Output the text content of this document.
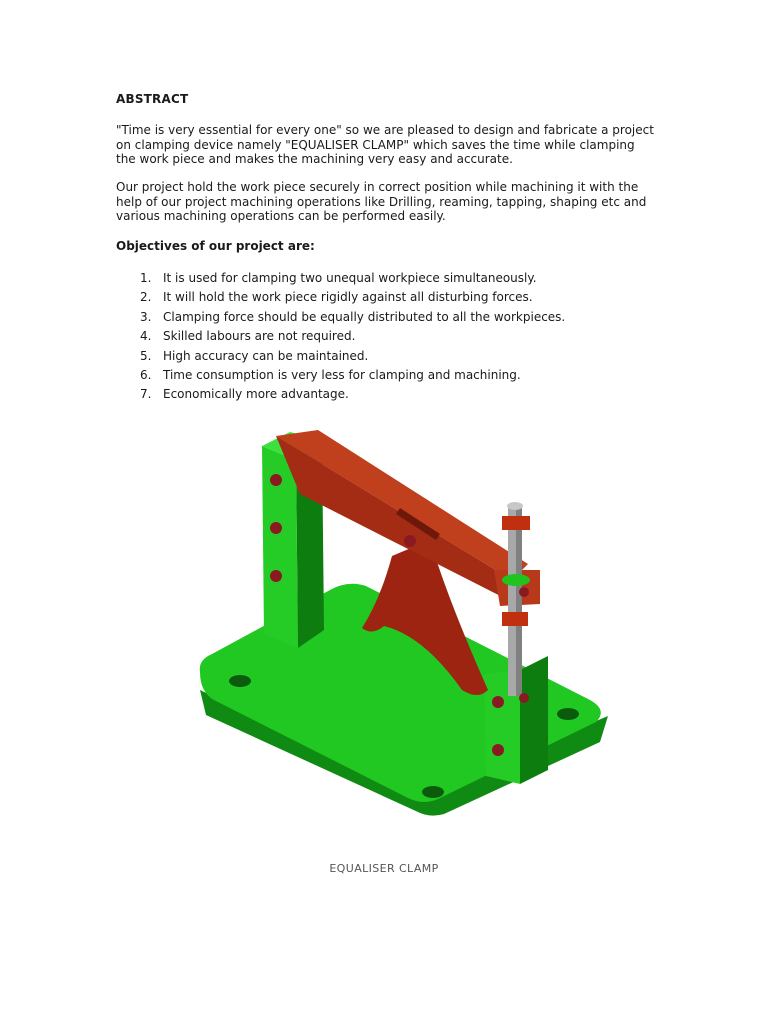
ABSTRACT

"Time is very essential for every one" so we are pleased to design and fabricate a project on clamping device namely "EQUALISER CLAMP" which saves the time while clamping the work piece and makes the machining very easy and accurate.

Our project hold the work piece securely in correct position while machining it with the help of our project machining operations like Drilling, reaming, tapping, shaping etc and various machining operations can be performed easily.

Objectives of our project are:
1. It is used for clamping two unequal workpiece simultaneously.
2. It will hold the work piece rigidly against all disturbing forces.
3. Clamping force should be equally distributed to all the workpieces.
4. Skilled labours are not required.
5. High accuracy can be maintained.
6. Time consumption is very less for clamping and machining.
7. Economically more advantage.
EQUALISER CLAMP
